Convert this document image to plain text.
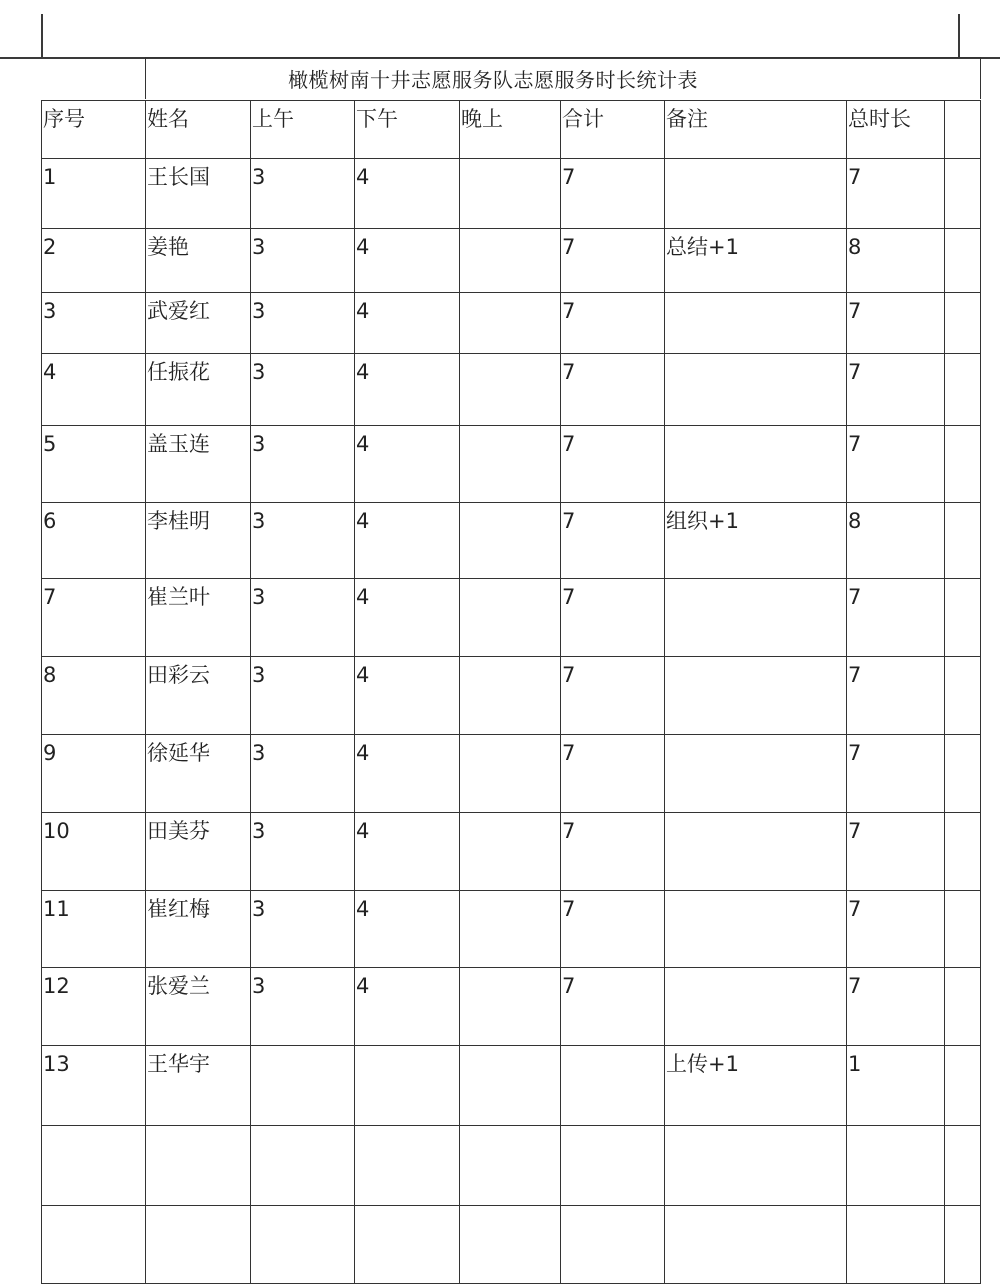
橄榄树南十井志愿服务队志愿服务时长统计表
序号	姓名	上午	下午	晚上	合计	备注	总时长	
1	王长国	3	4		7		7	
2	姜艳	3	4		7	总结+1	8	
3	武爱红	3	4		7		7	
4	任振花	3	4		7		7	
5	盖玉连	3	4		7		7	
6	李桂明	3	4		7	组织+1	8	
7	崔兰叶	3	4		7		7	
8	田彩云	3	4		7		7	
9	徐延华	3	4		7		7	
10	田美芬	3	4		7		7	
11	崔红梅	3	4		7		7	
12	张爱兰	3	4		7		7	
13	王华宇					上传+1	1	
